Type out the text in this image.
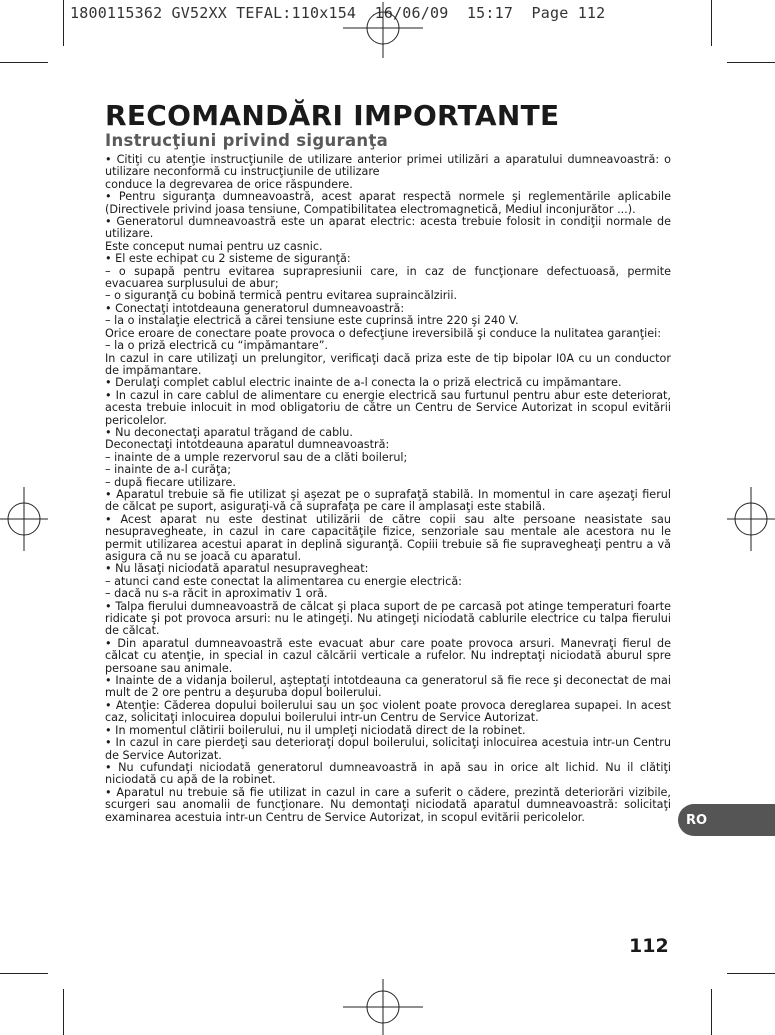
1800115362 GV52XX TEFAL:110x154  16/06/09  15:17  Page 112
RECOMANDĂRI IMPORTANTE
Instrucţiuni privind siguranţa

• Citiţi cu atenţie instrucţiunile de utilizare anterior primei utilizări a aparatului dumneavoastră: o utilizare neconformă cu instrucţiunile de utilizare

conduce la degrevarea de orice răspundere.

• Pentru siguranţa dumneavoastră, acest aparat respectă normele şi reglementările aplicabile (Directivele privind joasa tensiune, Compatibilitatea electromagnetică, Mediul inconjurător ...).

• Generatorul dumneavoastră este un aparat electric: acesta trebuie folosit in condiţii normale de utilizare.

Este conceput numai pentru uz casnic.

• El este echipat cu 2 sisteme de siguranţă:

– o supapă pentru evitarea suprapresiunii care, in caz de funcţionare defectuoasă, permite evacuarea surplusului de abur;

– o siguranţă cu bobină termică pentru evitarea supraincălzirii.

• Conectaţi intotdeauna generatorul dumneavoastră:

– la o instalaţie electrică a cărei tensiune este cuprinsă intre 220 şi 240 V.

Orice eroare de conectare poate provoca o defecţiune ireversibilă şi conduce la nulitatea garanţiei:

– la o priză electrică cu “impămantare”.

In cazul in care utilizaţi un prelungitor, verificaţi dacă priza este de tip bipolar I0A cu un conductor de impămantare.

• Derulaţi complet cablul electric inainte de a-l conecta la o priză electrică cu impămantare.

• In cazul in care cablul de alimentare cu energie electrică sau furtunul pentru abur este deteriorat, acesta trebuie inlocuit in mod obligatoriu de către un Centru de Service Autorizat in scopul evitării pericolelor.

• Nu deconectaţi aparatul trăgand de cablu.

Deconectaţi intotdeauna aparatul dumneavoastră:

– inainte de a umple rezervorul sau de a clăti boilerul;

– inainte de a-l curăţa;

– după fiecare utilizare.

• Aparatul trebuie să fie utilizat şi aşezat pe o suprafaţă stabilă. In momentul in care aşezaţi fierul de călcat pe suport, asiguraţi-vă că suprafaţa pe care il amplasaţi este stabilă.

• Acest aparat nu este destinat utilizării de către copii sau alte persoane neasistate sau nesupravegheate, in cazul in care capacităţile fizice, senzoriale sau mentale ale acestora nu le permit utilizarea acestui aparat in deplină siguranţă. Copiii trebuie să fie supravegheaţi pentru a vă asigura că nu se joacă cu aparatul.

• Nu lăsaţi niciodată aparatul nesupravegheat:

– atunci cand este conectat la alimentarea cu energie electrică:

– dacă nu s-a răcit in aproximativ 1 oră.

• Talpa fierului dumneavoastră de călcat şi placa suport de pe carcasă pot atinge temperaturi foarte ridicate şi pot provoca arsuri: nu le atingeţi. Nu atingeţi niciodată cablurile electrice cu talpa fierului de călcat.

• Din aparatul dumneavoastră este evacuat abur care poate provoca arsuri. Manevraţi fierul de călcat cu atenţie, in special in cazul călcării verticale a rufelor. Nu indreptaţi niciodată aburul spre persoane sau animale.

• Inainte de a vidanja boilerul, aşteptaţi intotdeauna ca generatorul să fie rece şi deconectat de mai mult de 2 ore pentru a deşuruba dopul boilerului.

• Atenţie: Căderea dopului boilerului sau un şoc violent poate provoca dereglarea supapei. In acest caz, solicitaţi inlocuirea dopului boilerului intr-un Centru de Service Autorizat.

• In momentul clătirii boilerului, nu il umpleţi niciodată direct de la robinet.

• In cazul in care pierdeţi sau deterioraţi dopul boilerului, solicitaţi inlocuirea acestuia intr-un Centru de Service Autorizat.

• Nu cufundaţi niciodată generatorul dumneavoastră in apă sau in orice alt lichid. Nu il clătiţi niciodată cu apă de la robinet.

• Aparatul nu trebuie să fie utilizat in cazul in care a suferit o cădere, prezintă deteriorări vizibile, scurgeri sau anomalii de funcţionare. Nu demontaţi niciodată aparatul dumneavoastră: solicitaţi examinarea acestuia intr-un Centru de Service Autorizat, in scopul evitării pericolelor.	RO
112
